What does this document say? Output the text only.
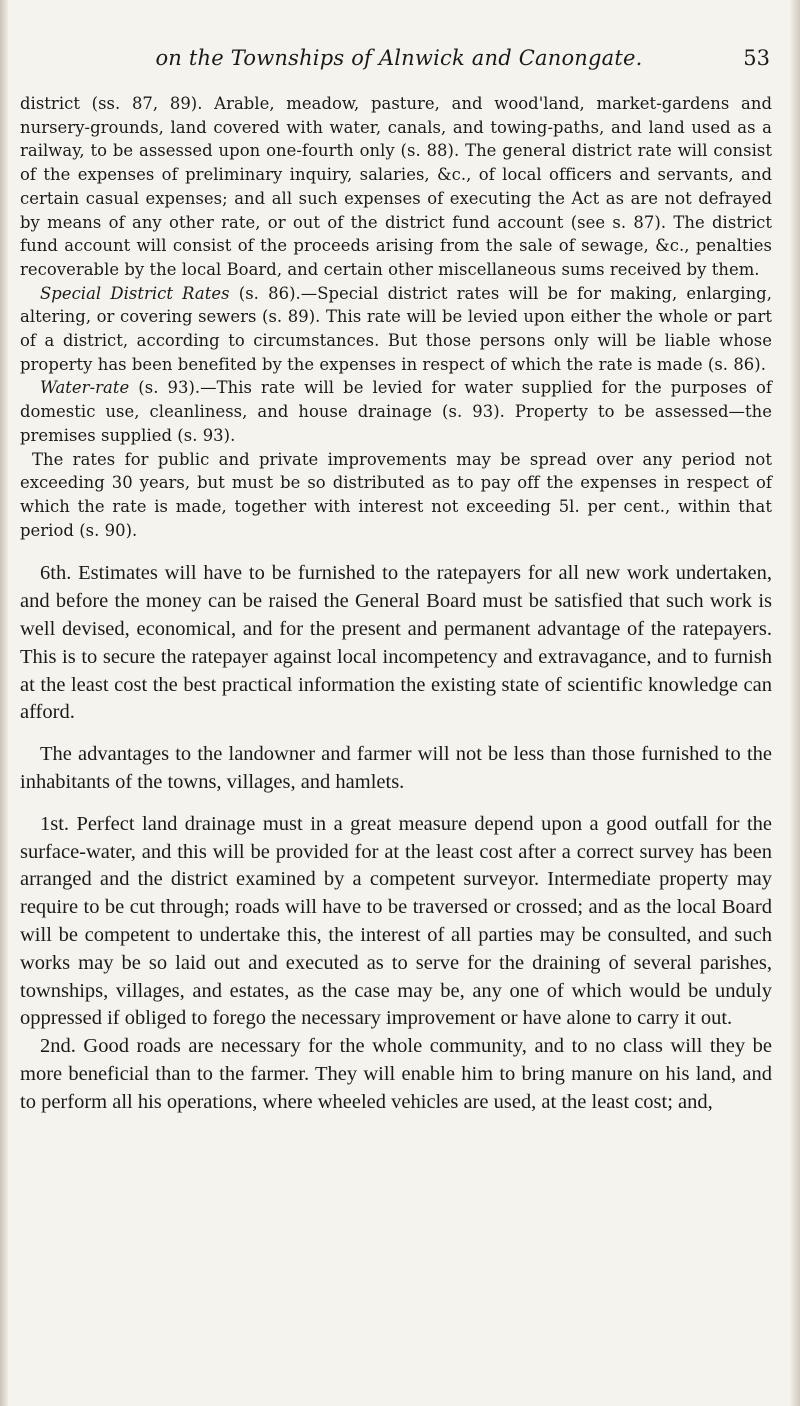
on the Townships of Alnwick and Canongate.	53

district (ss. 87, 89). Arable, meadow, pasture, and wood'land, market-gardens and nursery-grounds, land covered with water, canals, and towing-paths, and land used as a railway, to be assessed upon one-fourth only (s. 88). The general district rate will consist of the expenses of preliminary inquiry, salaries, &c., of local officers and servants, and certain casual expenses; and all such expenses of executing the Act as are not defrayed by means of any other rate, or out of the district fund account (see s. 87). The district fund account will consist of the proceeds arising from the sale of sewage, &c., penalties recoverable by the local Board, and certain other miscellaneous sums received by them.

Special District Rates (s. 86).—Special district rates will be for making, enlarging, altering, or covering sewers (s. 89). This rate will be levied upon either the whole or part of a district, according to circumstances. But those persons only will be liable whose property has been benefited by the expenses in respect of which the rate is made (s. 86).

Water-rate (s. 93).—This rate will be levied for water supplied for the purposes of domestic use, cleanliness, and house drainage (s. 93). Property to be assessed—the premises supplied (s. 93).

The rates for public and private improvements may be spread over any period not exceeding 30 years, but must be so distributed as to pay off the expenses in respect of which the rate is made, together with interest not exceeding 5l. per cent., within that period (s. 90).

6th. Estimates will have to be furnished to the ratepayers for all new work undertaken, and before the money can be raised the General Board must be satisfied that such work is well devised, economical, and for the present and permanent advantage of the ratepayers. This is to secure the ratepayer against local incompetency and extravagance, and to furnish at the least cost the best practical information the existing state of scientific knowledge can afford.

The advantages to the landowner and farmer will not be less than those furnished to the inhabitants of the towns, villages, and hamlets.

1st. Perfect land drainage must in a great measure depend upon a good outfall for the surface-water, and this will be provided for at the least cost after a correct survey has been arranged and the district examined by a competent surveyor. Intermediate property may require to be cut through; roads will have to be traversed or crossed; and as the local Board will be competent to undertake this, the interest of all parties may be consulted, and such works may be so laid out and executed as to serve for the draining of several parishes, townships, villages, and estates, as the case may be, any one of which would be unduly oppressed if obliged to forego the necessary improvement or have alone to carry it out.

2nd. Good roads are necessary for the whole community, and to no class will they be more beneficial than to the farmer. They will enable him to bring manure on his land, and to perform all his operations, where wheeled vehicles are used, at the least cost; and,
